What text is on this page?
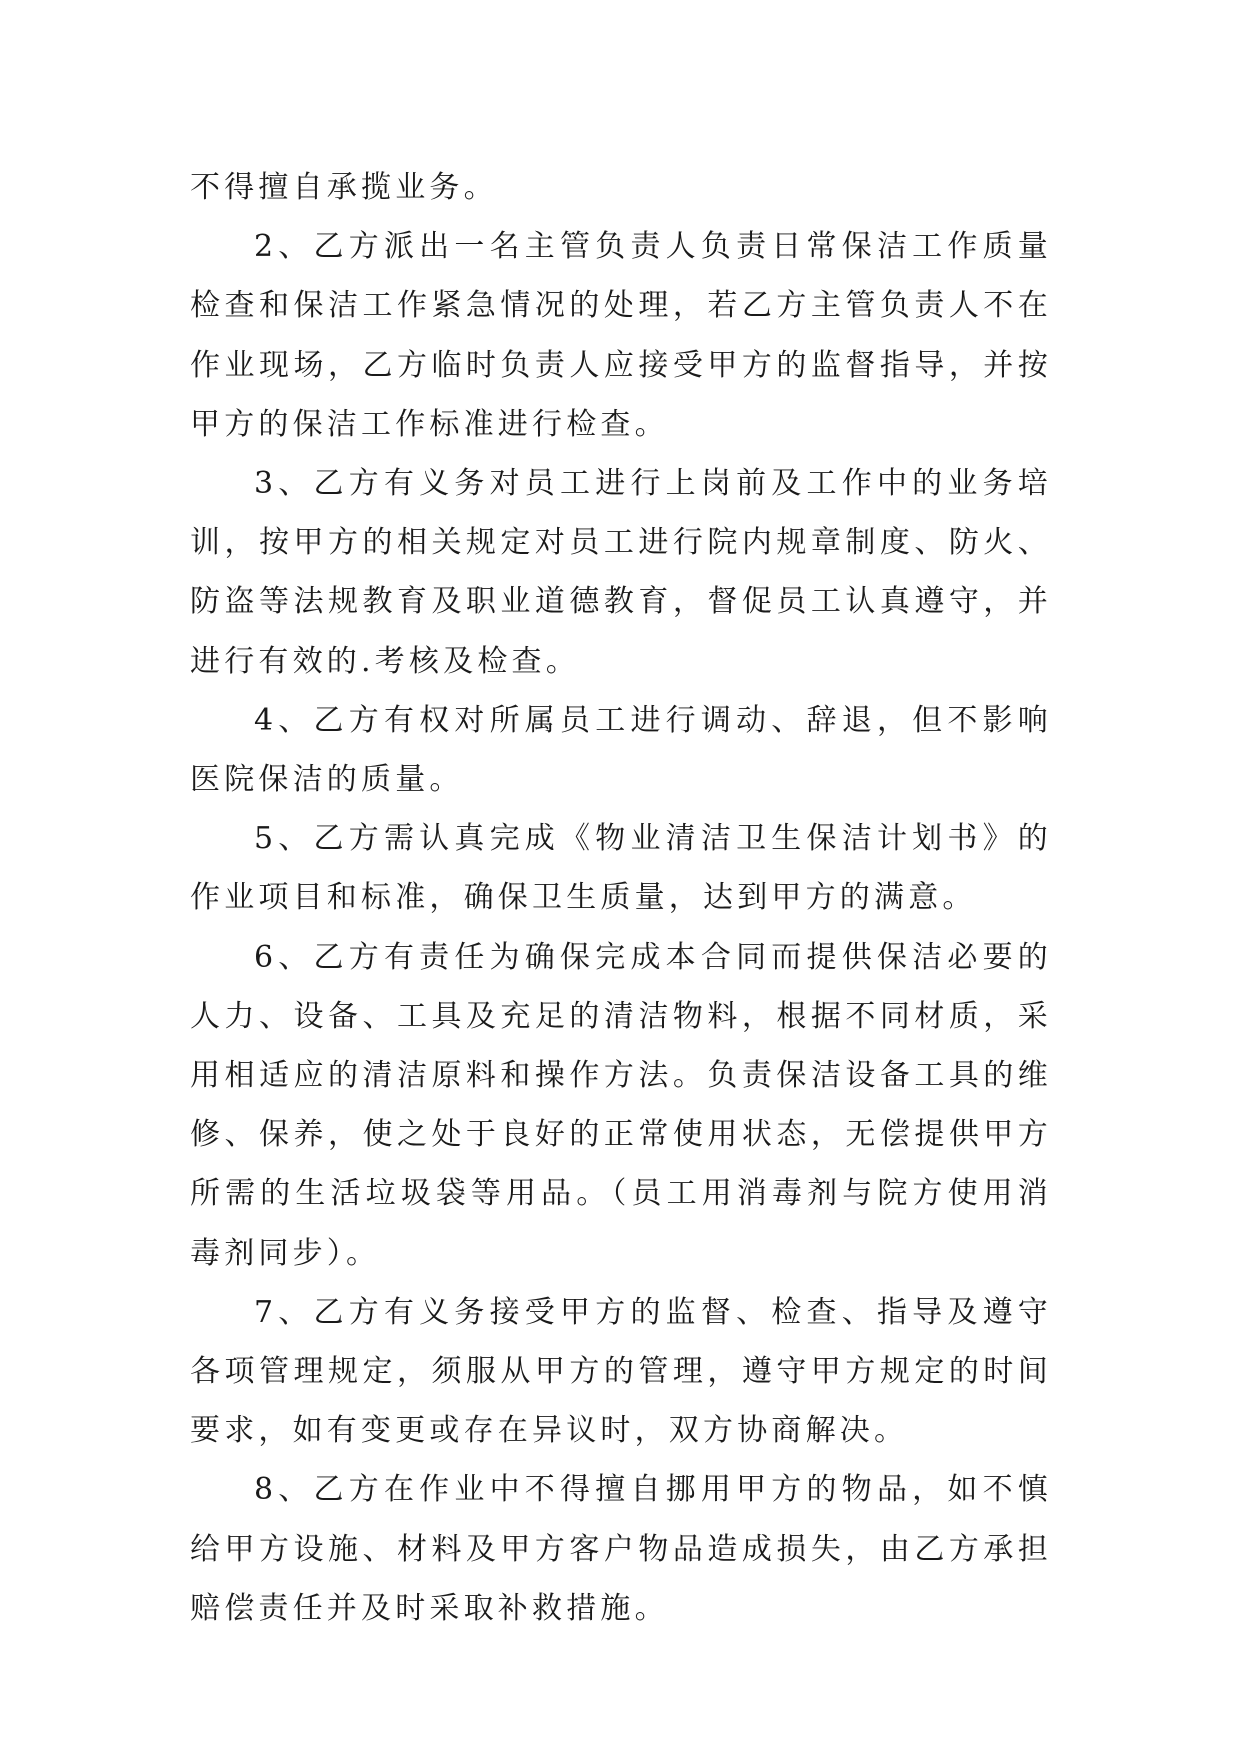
不得擅自承揽业务。

2、乙方派出一名主管负责人负责日常保洁工作质量检查和保洁工作紧急情况的处理，若乙方主管负责人不在作业现场，乙方临时负责人应接受甲方的监督指导，并按甲方的保洁工作标准进行检查。

3、乙方有义务对员工进行上岗前及工作中的业务培训，按甲方的相关规定对员工进行院内规章制度、防火、防盗等法规教育及职业道德教育，督促员工认真遵守，并进行有效的.考核及检查。

4、乙方有权对所属员工进行调动、辞退，但不影响医院保洁的质量。

5、乙方需认真完成《物业清洁卫生保洁计划书》的作业项目和标准，确保卫生质量，达到甲方的满意。

6、乙方有责任为确保完成本合同而提供保洁必要的人力、设备、工具及充足的清洁物料，根据不同材质，采用相适应的清洁原料和操作方法。负责保洁设备工具的维修、保养，使之处于良好的正常使用状态，无偿提供甲方所需的生活垃圾袋等用品。（员工用消毒剂与院方使用消毒剂同步）。

7、乙方有义务接受甲方的监督、检查、指导及遵守各项管理规定，须服从甲方的管理，遵守甲方规定的时间要求，如有变更或存在异议时，双方协商解决。

8、乙方在作业中不得擅自挪用甲方的物品，如不慎给甲方设施、材料及甲方客户物品造成损失，由乙方承担赔偿责任并及时采取补救措施。
